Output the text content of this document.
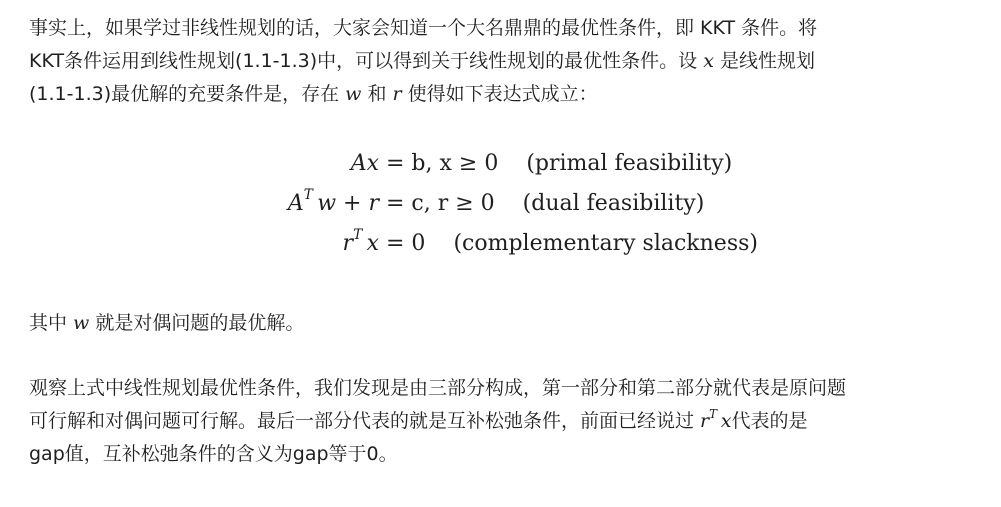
事实上，如果学过非线性规划的话，大家会知道一个大名鼎鼎的最优性条件，即 KKT 条件。将
KKT条件运用到线性规划(1.1-1.3)中，可以得到关于线性规划的最优性条件。设 x 是线性规划
(1.1-1.3)最优解的充要条件是，存在 w 和 r 使得如下表达式成立：
Ax = b, x ≥ 0 (primal feasibility)
$A^T$  w + r = c, r ≥ 0 (dual feasibility)
$r^T$  x = 0 (complementary slackness)
其中 w 就是对偶问题的最优解。
观察上式中线性规划最优性条件，我们发现是由三部分构成，第一部分和第二部分就代表是原问题
可行解和对偶问题可行解。最后一部分代表的就是互补松弛条件，前面已经说过 $r^T$  x代表的是
gap值，互补松弛条件的含义为gap等于0。
